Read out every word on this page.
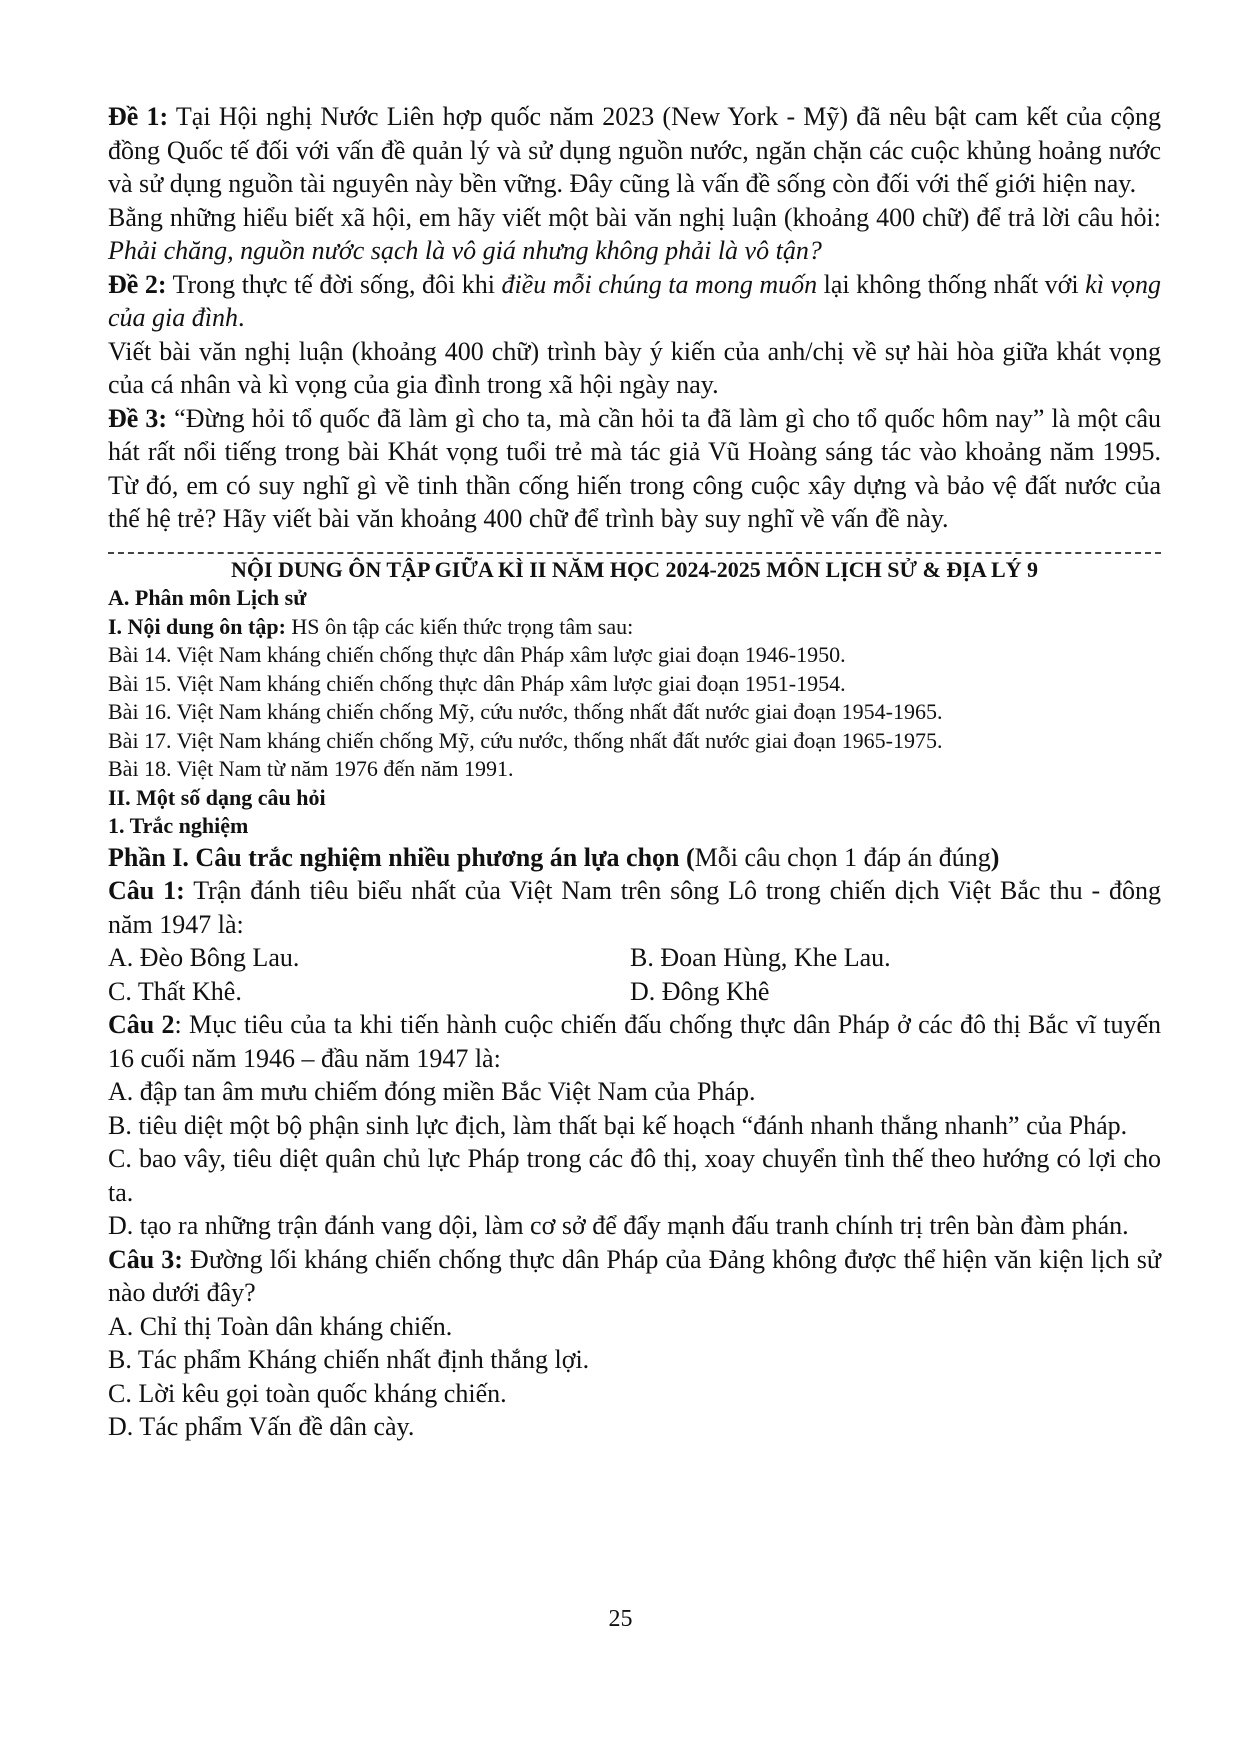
Đề 1: Tại Hội nghị Nước Liên hợp quốc năm 2023 (New York - Mỹ) đã nêu bật cam kết của cộng đồng Quốc tế đối với vấn đề quản lý và sử dụng nguồn nước, ngăn chặn các cuộc khủng hoảng nước và sử dụng nguồn tài nguyên này bền vững. Đây cũng là vấn đề sống còn đối với thế giới hiện nay.

Bằng những hiểu biết xã hội, em hãy viết một bài văn nghị luận (khoảng 400 chữ) để trả lời câu hỏi: Phải chăng, nguồn nước sạch là vô giá nhưng không phải là vô tận?

Đề 2: Trong thực tế đời sống, đôi khi điều mỗi chúng ta mong muốn lại không thống nhất với kì vọng của gia đình.

Viết bài văn nghị luận (khoảng 400 chữ) trình bày ý kiến của anh/chị về sự hài hòa giữa khát vọng của cá nhân và kì vọng của gia đình trong xã hội ngày nay.

Đề 3: “Đừng hỏi tổ quốc đã làm gì cho ta, mà cần hỏi ta đã làm gì cho tổ quốc hôm nay” là một câu hát rất nổi tiếng trong bài Khát vọng tuổi trẻ mà tác giả Vũ Hoàng sáng tác vào khoảng năm 1995. Từ đó, em có suy nghĩ gì về tinh thần cống hiến trong công cuộc xây dựng và bảo vệ đất nước của thế hệ trẻ? Hãy viết bài văn khoảng 400 chữ để trình bày suy nghĩ về vấn đề này.

NỘI DUNG ÔN TẬP GIỮA KÌ II NĂM HỌC 2024-2025 MÔN LỊCH SỬ & ĐỊA LÝ 9

A. Phân môn Lịch sử

I. Nội dung ôn tập: HS ôn tập các kiến thức trọng tâm sau:

Bài 14. Việt Nam kháng chiến chống thực dân Pháp xâm lược giai đoạn 1946-1950.

Bài 15. Việt Nam kháng chiến chống thực dân Pháp xâm lược giai đoạn 1951-1954.

Bài 16. Việt Nam kháng chiến chống Mỹ, cứu nước, thống nhất đất nước giai đoạn 1954-1965.

Bài 17. Việt Nam kháng chiến chống Mỹ, cứu nước, thống nhất đất nước giai đoạn 1965-1975.

Bài 18. Việt Nam từ năm 1976 đến năm 1991.

II. Một số dạng câu hỏi

1. Trắc nghiệm

Phần I. Câu trắc nghiệm nhiều phương án lựa chọn (Mỗi câu chọn 1 đáp án đúng)

Câu 1: Trận đánh tiêu biểu nhất của Việt Nam trên sông Lô trong chiến dịch Việt Bắc thu - đông năm 1947 là:

A. Đèo Bông Lau.	B. Đoan Hùng, Khe Lau.
C. Thất Khê.	D. Đông Khê

Câu 2: Mục tiêu của ta khi tiến hành cuộc chiến đấu chống thực dân Pháp ở các đô thị Bắc vĩ tuyến 16 cuối năm 1946 – đầu năm 1947 là:

A. đập tan âm mưu chiếm đóng miền Bắc Việt Nam của Pháp.

B. tiêu diệt một bộ phận sinh lực địch, làm thất bại kế hoạch “đánh nhanh thắng nhanh” của Pháp.

C. bao vây, tiêu diệt quân chủ lực Pháp trong các đô thị, xoay chuyển tình thế theo hướng có lợi cho ta.

D. tạo ra những trận đánh vang dội, làm cơ sở để đẩy mạnh đấu tranh chính trị trên bàn đàm phán.

Câu 3: Đường lối kháng chiến chống thực dân Pháp của Đảng không được thể hiện văn kiện lịch sử nào dưới đây?

A. Chỉ thị Toàn dân kháng chiến.

B. Tác phẩm Kháng chiến nhất định thắng lợi.

C. Lời kêu gọi toàn quốc kháng chiến.

D. Tác phẩm Vấn đề dân cày.

25
